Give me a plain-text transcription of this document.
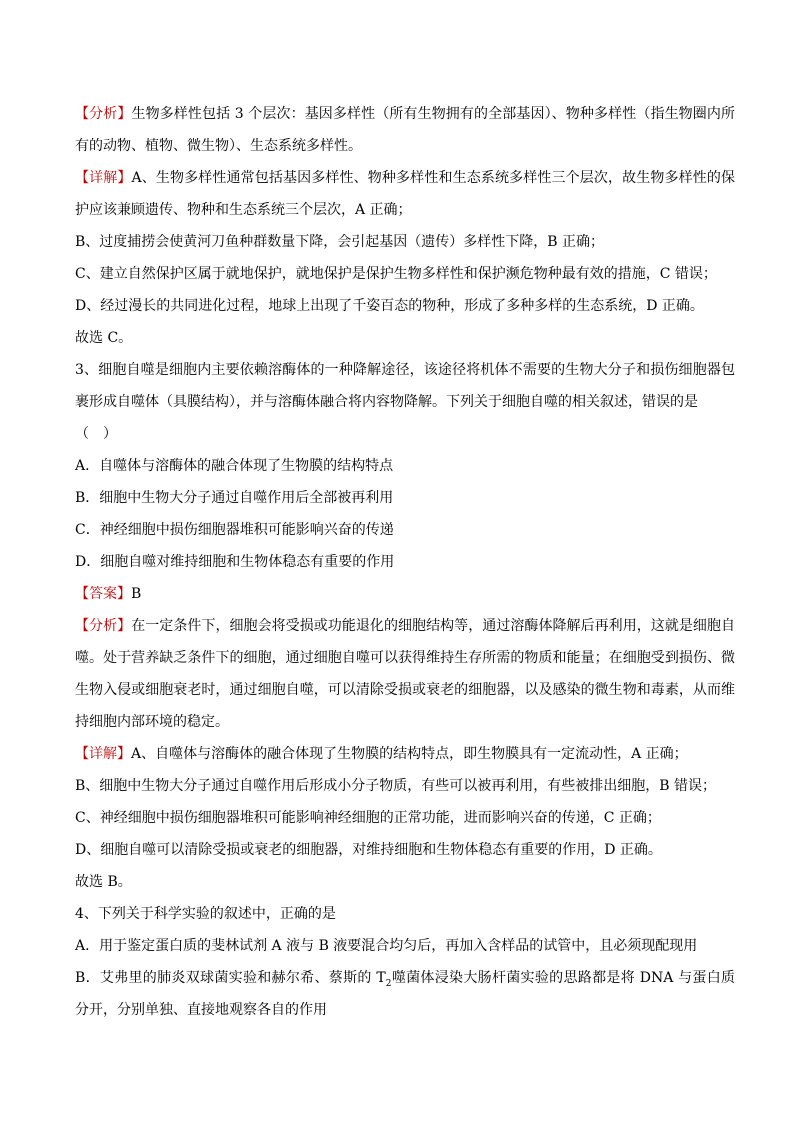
【分析】生物多样性包括 3 个层次：基因多样性（所有生物拥有的全部基因）、物种多样性（指生物圈内所有的动物、植物、微生物）、生态系统多样性。

【详解】A、生物多样性通常包括基因多样性、物种多样性和生态系统多样性三个层次，故生物多样性的保护应该兼顾遗传、物种和生态系统三个层次，A 正确；

B、过度捕捞会使黄河刀鱼种群数量下降，会引起基因（遗传）多样性下降，B 正确；

C、建立自然保护区属于就地保护，就地保护是保护生物多样性和保护濒危物种最有效的措施，C 错误；

D、经过漫长的共同进化过程，地球上出现了千姿百态的物种，形成了多种多样的生态系统，D 正确。

故选 C。

3、细胞自噬是细胞内主要依赖溶酶体的一种降解途径，该途径将机体不需要的生物大分子和损伤细胞器包裹形成自噬体（具膜结构），并与溶酶体融合将内容物降解。下列关于细胞自噬的相关叙述，错误的是

（　）

A．自噬体与溶酶体的融合体现了生物膜的结构特点

B．细胞中生物大分子通过自噬作用后全部被再利用

C．神经细胞中损伤细胞器堆积可能影响兴奋的传递

D．细胞自噬对维持细胞和生物体稳态有重要的作用

【答案】B

【分析】在一定条件下，细胞会将受损或功能退化的细胞结构等，通过溶酶体降解后再利用，这就是细胞自噬。处于营养缺乏条件下的细胞，通过细胞自噬可以获得维持生存所需的物质和能量；在细胞受到损伤、微生物入侵或细胞衰老时，通过细胞自噬，可以清除受损或衰老的细胞器，以及感染的微生物和毒素，从而维持细胞内部环境的稳定。

【详解】A、自噬体与溶酶体的融合体现了生物膜的结构特点，即生物膜具有一定流动性，A 正确；

B、细胞中生物大分子通过自噬作用后形成小分子物质，有些可以被再利用，有些被排出细胞，B 错误；

C、神经细胞中损伤细胞器堆积可能影响神经细胞的正常功能，进而影响兴奋的传递，C 正确；

D、细胞自噬可以清除受损或衰老的细胞器，对维持细胞和生物体稳态有重要的作用，D 正确。

故选 B。

4、下列关于科学实验的叙述中，正确的是

A．用于鉴定蛋白质的斐林试剂 A 液与 B 液要混合均匀后，再加入含样品的试管中，且必须现配现用

B．艾弗里的肺炎双球菌实验和赫尔希、蔡斯的 $T_2$噬菌体浸染大肠杆菌实验的思路都是将 DNA 与蛋白质分开，分别单独、直接地观察各自的作用
